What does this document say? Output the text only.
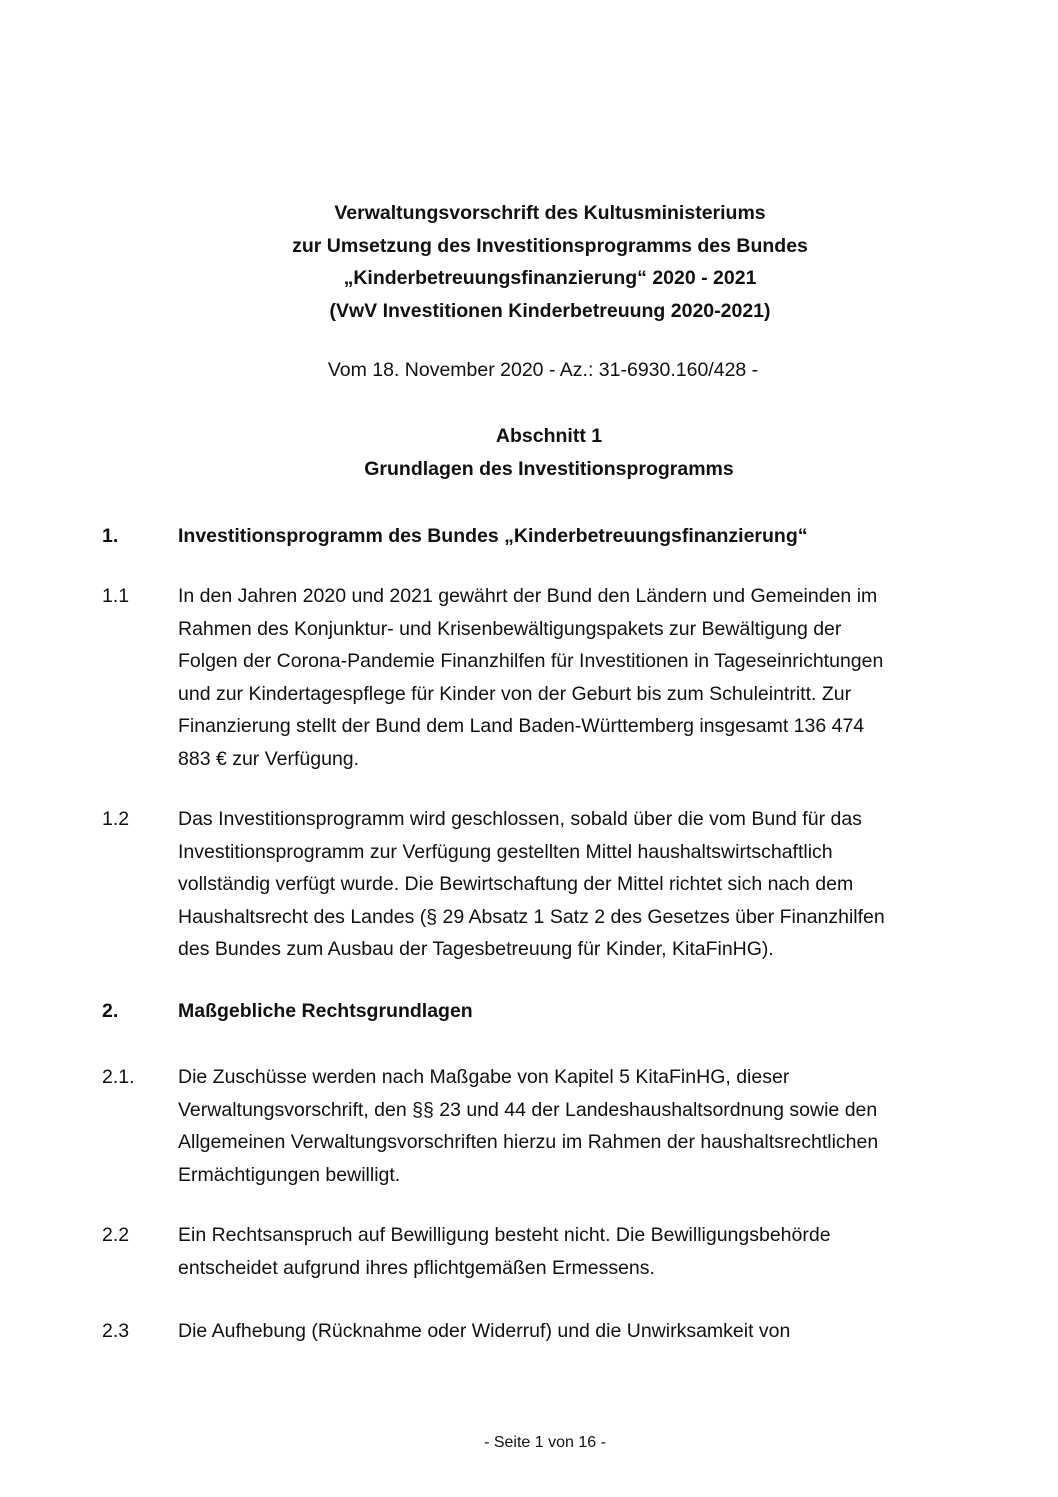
Verwaltungsvorschrift des Kultusministeriums
zur Umsetzung des Investitionsprogramms des Bundes
„Kinderbetreuungsfinanzierung“ 2020 - 2021
(VwV Investitionen Kinderbetreuung 2020-2021)
Vom 18. November 2020 - Az.: 31-6930.160/428 -
Abschnitt 1
Grundlagen des Investitionsprogramms
1.	Investitionsprogramm des Bundes „Kinderbetreuungsfinanzierung“
1.1	In den Jahren 2020 und 2021 gewährt der Bund den Ländern und Gemeinden im
Rahmen des Konjunktur- und Krisenbewältigungspakets zur Bewältigung der
Folgen der Corona-Pandemie Finanzhilfen für Investitionen in Tageseinrichtungen
und zur Kindertagespflege für Kinder von der Geburt bis zum Schuleintritt. Zur
Finanzierung stellt der Bund dem Land Baden-Württemberg insgesamt 136 474
883 € zur Verfügung.
1.2	Das Investitionsprogramm wird geschlossen, sobald über die vom Bund für das
Investitionsprogramm zur Verfügung gestellten Mittel haushaltswirtschaftlich
vollständig verfügt wurde. Die Bewirtschaftung der Mittel richtet sich nach dem
Haushaltsrecht des Landes (§ 29 Absatz 1 Satz 2 des Gesetzes über Finanzhilfen
des Bundes zum Ausbau der Tagesbetreuung für Kinder, KitaFinHG).
2.	Maßgebliche Rechtsgrundlagen
2.1.	Die Zuschüsse werden nach Maßgabe von Kapitel 5 KitaFinHG, dieser
Verwaltungsvorschrift, den §§ 23 und 44 der Landeshaushaltsordnung sowie den
Allgemeinen Verwaltungsvorschriften hierzu im Rahmen der haushaltsrechtlichen
Ermächtigungen bewilligt.
2.2	Ein Rechtsanspruch auf Bewilligung besteht nicht. Die Bewilligungsbehörde
entscheidet aufgrund ihres pflichtgemäßen Ermessens.
2.3	Die Aufhebung (Rücknahme oder Widerruf) und die Unwirksamkeit von
- Seite 1 von 16 -
